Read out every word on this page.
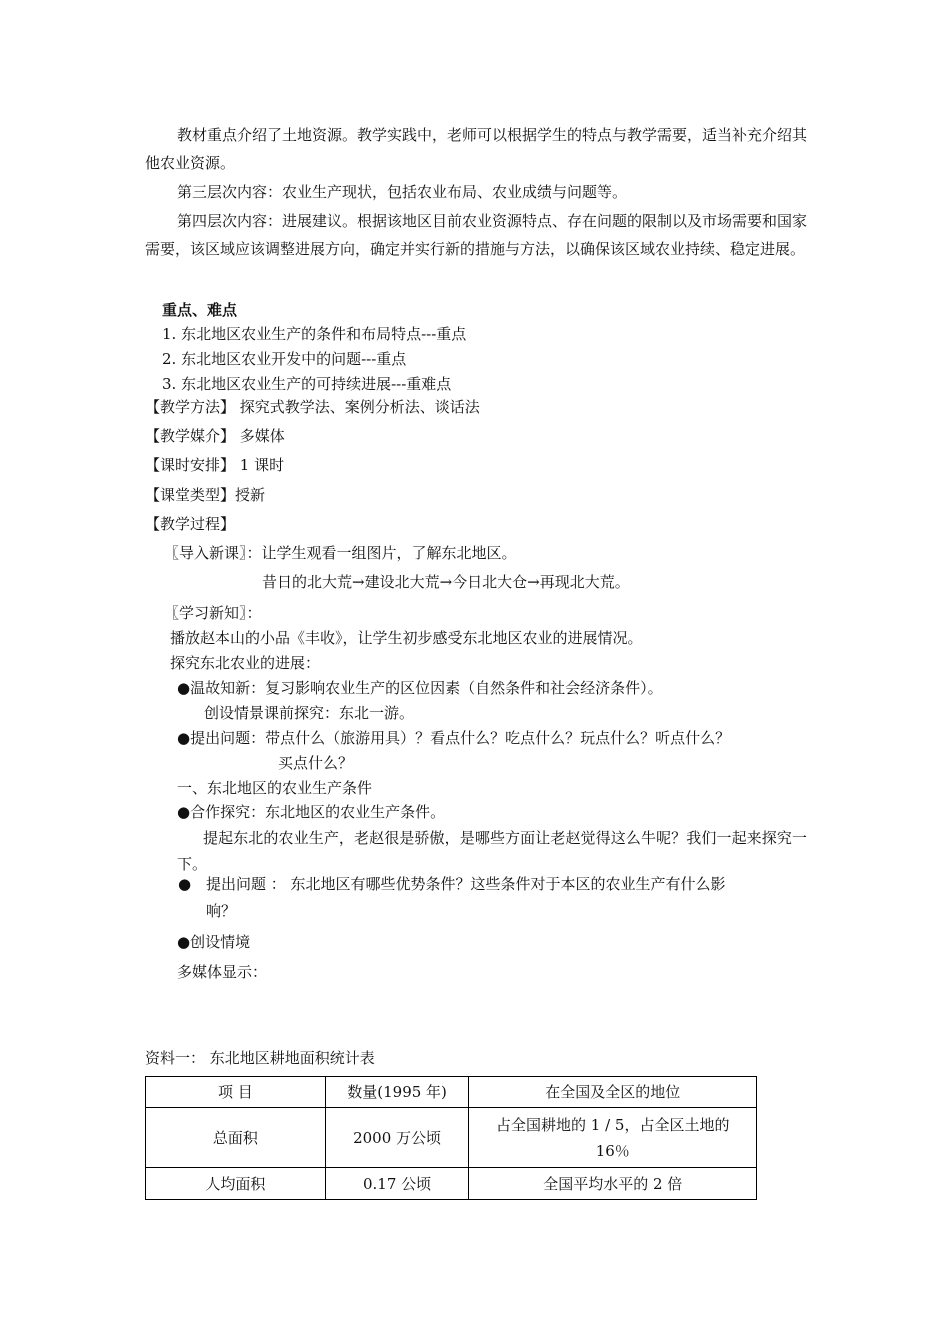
教材重点介绍了土地资源。教学实践中，老师可以根据学生的特点与教学需要，适当补充介绍其他农业资源。
第三层次内容：农业生产现状，包括农业布局、农业成绩与问题等。
第四层次内容：进展建议。根据该地区目前农业资源特点、存在问题的限制以及市场需要和国家需要，该区域应该调整进展方向，确定并实行新的措施与方法，以确保该区域农业持续、稳定进展。
重点、难点
1. 东北地区农业生产的条件和布局特点---重点
2. 东北地区农业开发中的问题---重点
3. 东北地区农业生产的可持续进展---重难点
【教学方法】 探究式教学法、案例分析法、谈话法
【教学媒介】 多媒体
【课时安排】 1 课时
【课堂类型】授新
【教学过程】
〖导入新课〗：让学生观看一组图片，了解东北地区。
昔日的北大荒→建设北大荒→今日北大仓→再现北大荒。
〖学习新知〗：
播放赵本山的小品《丰收》，让学生初步感受东北地区农业的进展情况。
探究东北农业的进展：
●温故知新：复习影响农业生产的区位因素（自然条件和社会经济条件）。
创设情景课前探究：东北一游。
●提出问题：带点什么（旅游用具）？看点什么？吃点什么？玩点什么？听点什么？
买点什么？
一、东北地区的农业生产条件
●合作探究：东北地区的农业生产条件。
提起东北的农业生产，老赵很是骄傲，是哪些方面让老赵觉得这么牛呢？我们一起来探究一下。
● 提出问题 ： 东北地区有哪些优势条件？这些条件对于本区的农业生产有什么影
响？
●创设情境
多媒体显示：
资料一： 东北地区耕地面积统计表
项 目	数量(1995 年)	在全国及全区的地位
总面积	2000 万公顷	占全国耕地的 1 / 5，占全区土地的 16％
人均面积	0.17 公顷	全国平均水平的 2 倍
